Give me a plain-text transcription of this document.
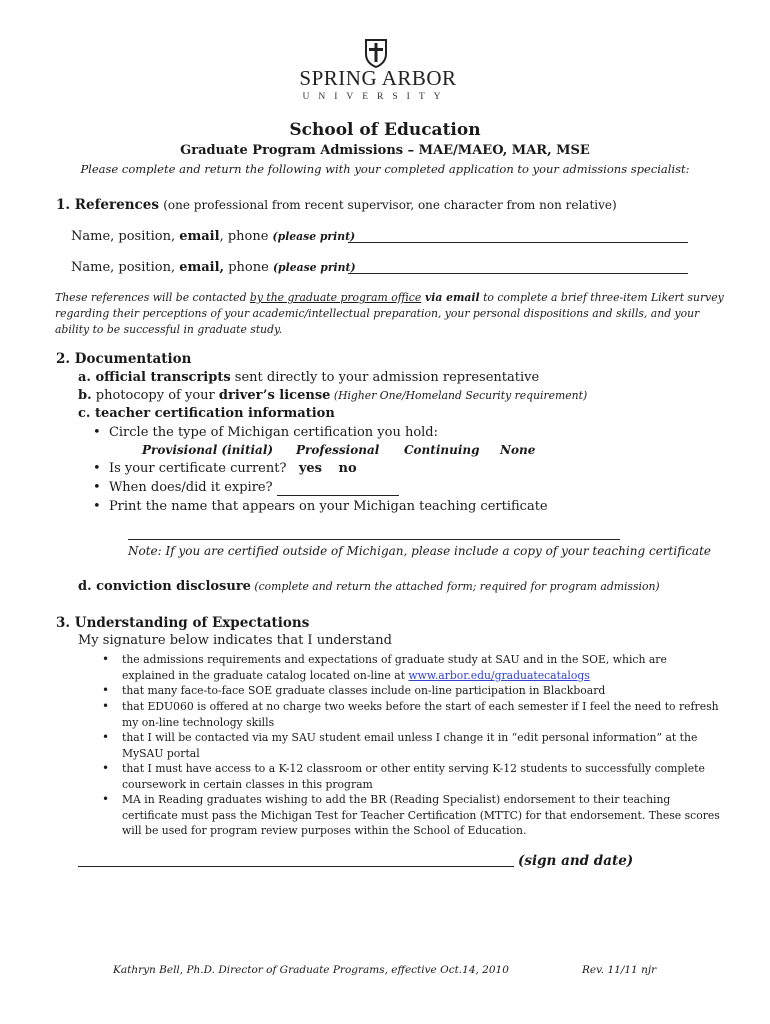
SPRING ARBOR
UNIVERSITY
School of Education
Graduate Program Admissions – MAE/MAEO, MAR, MSE
Please complete and return the following with your completed application to your admissions specialist:
1. References (one professional from recent supervisor, one character from non relative)
Name, position, email, phone (please print)
Name, position, email, phone (please print)
These references will be contacted by the graduate program office via email to complete a brief three-item Likert survey regarding their perceptions of your academic/intellectual preparation, your personal dispositions and skills, and your ability to be successful in graduate study.
2. Documentation
a. official transcripts sent directly to your admission representative
b. photocopy of your driver’s license (Higher One/Homeland Security requirement)
c. teacher certification information
•  Circle the type of Michigan certification you hold:
Provisional (initial) Professional Continuing None
•  Is your certificate current? yes no
•  When does/did it expire?
•  Print the name that appears on your Michigan teaching certificate
Note: If you are certified outside of Michigan, please include a copy of your teaching certificate
d. conviction disclosure (complete and return the attached form; required for program admission)
3. Understanding of Expectations
My signature below indicates that I understand
• the admissions requirements and expectations of graduate study at SAU and in the SOE, which are explained in the graduate catalog located on-line at www.arbor.edu/graduatecatalogs
• that many face-to-face SOE graduate classes include on-line participation in Blackboard
• that EDU060 is offered at no charge two weeks before the start of each semester if I feel the need to refresh my on-line technology skills
• that I will be contacted via my SAU student email unless I change it in “edit personal information” at the MySAU portal
• that I must have access to a K-12 classroom or other entity serving K-12 students to successfully complete coursework in certain classes in this program
• MA in Reading graduates wishing to add the BR (Reading Specialist) endorsement to their teaching certificate must pass the Michigan Test for Teacher Certification (MTTC) for that endorsement. These scores will be used for program review purposes within the School of Education.
(sign and date)
Kathryn Bell, Ph.D. Director of Graduate Programs, effective Oct.14, 2010	Rev. 11/11 njr
